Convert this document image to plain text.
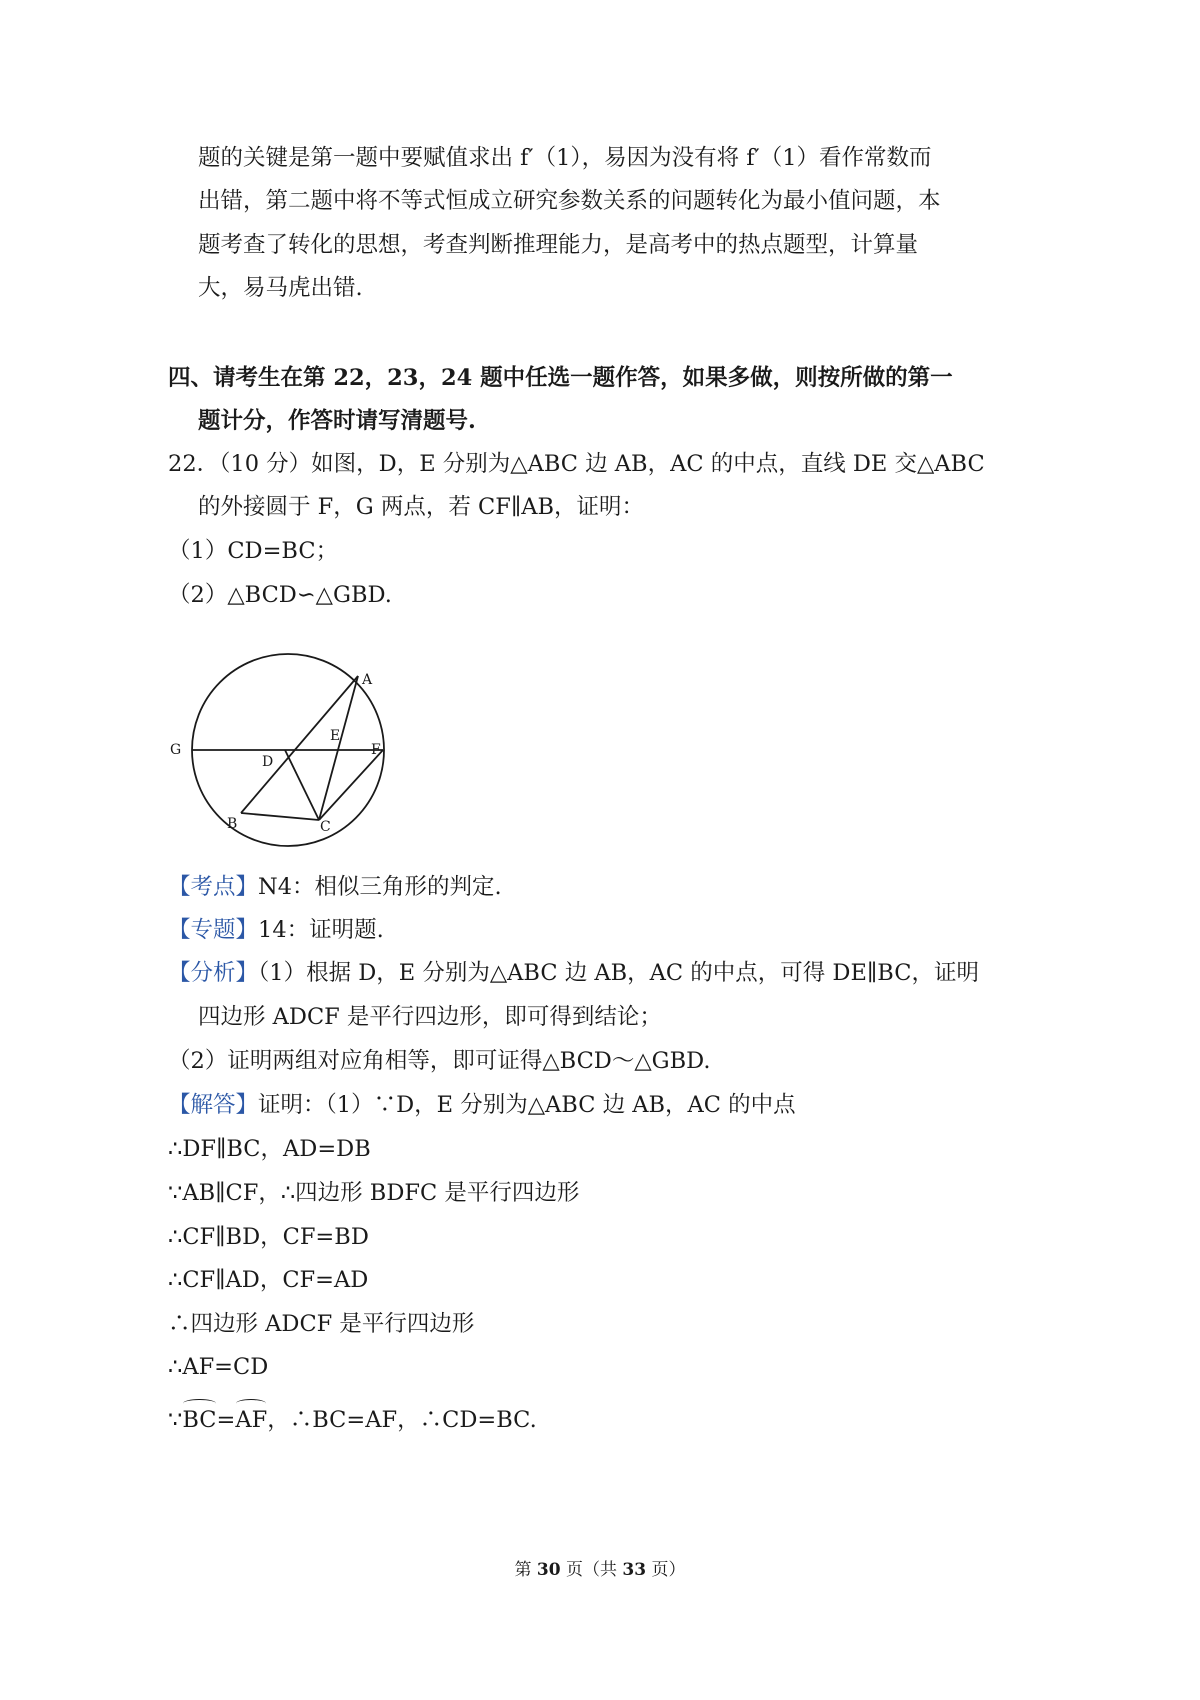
题的关键是第一题中要赋值求出 f′（1），易因为没有将 f′（1）看作常数而
出错，第二题中将不等式恒成立研究参数关系的问题转化为最小值问题，本
题考查了转化的思想，考查判断推理能力，是高考中的热点题型，计算量
大，易马虎出错.
四、请考生在第 22，23，24 题中任选一题作答，如果多做，则按所做的第一
题计分，作答时请写清题号.
22．（10 分）如图，D，E 分别为△ABC 边 AB，AC 的中点，直线 DE 交△ABC
的外接圆于 F，G 两点，若 CF∥AB，证明：
（1）CD=BC；
（2）△BCD∽△GBD.
A
G
E
F
D
B	C
【考点】N4：相似三角形的判定.
【专题】14：证明题.
【分析】（1）根据 D，E 分别为△ABC 边 AB，AC 的中点，可得 DE∥BC，证明
四边形 ADCF 是平行四边形，即可得到结论；
（2）证明两组对应角相等，即可证得△BCD～△GBD.
【解答】证明：（1）∵D，E 分别为△ABC 边 AB，AC 的中点
∴DF∥BC，AD=DB
∵AB∥CF，∴四边形 BDFC 是平行四边形
∴CF∥BD，CF=BD
∴CF∥AD，CF=AD
∴四边形 ADCF 是平行四边形
∴AF=CD
∵BC=AF，∴BC=AF，∴CD=BC.
第 30 页（共 33 页）
